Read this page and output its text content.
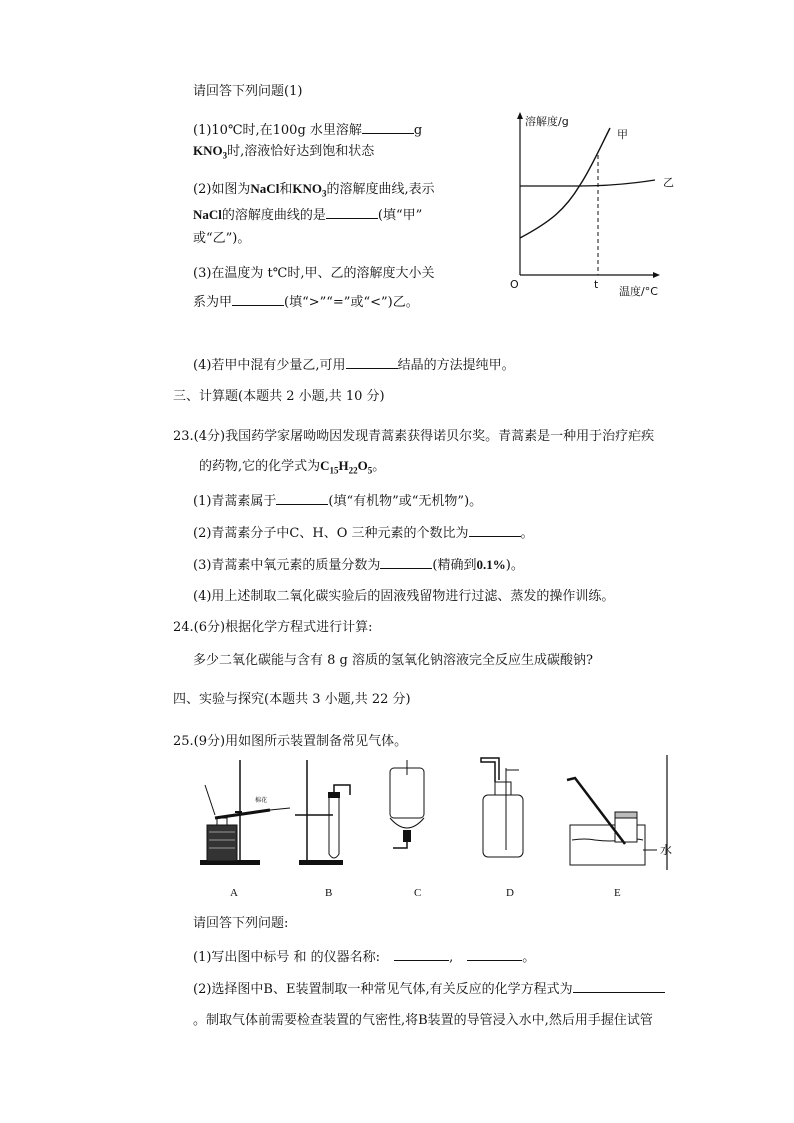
请回答下列问题(1)
(1)10℃时,在100g 水里溶解	g
$KNO_3$时,溶液恰好达到饱和状态
(2)如图为NaCl和$KNO_3$的溶解度曲线,表示
NaCl的溶解度曲线的是	(填“甲”
或“乙”)。
(3)在温度为 t℃时,甲、乙的溶解度大小关
系为甲	(填“>”“=”或“<”)乙。
(4)若甲中混有少量乙,可用	结晶的方法提纯甲。
溶解度/g
甲
乙
O	t
温度/°C
三、计算题(本题共 2 小题,共 10 分)
23.(4分)我国药学家屠呦呦因发现青蒿素获得诺贝尔奖。青蒿素是一种用于治疗疟疾
的药物,它的化学式为$C_{15}H_{22}O_5$。
(1)青蒿素属于	(填“有机物”或“无机物”)。
(2)青蒿素分子中C、H、O 三种元素的个数比为	。
(3)青蒿素中氧元素的质量分数为	(精确到0.1%)。
(4)用上述制取二氧化碳实验后的固液残留物进行过滤、蒸发的操作训练。
24.(6分)根据化学方程式进行计算:
多少二氧化碳能与含有 8 g 溶质的氢氧化钠溶液完全反应生成碳酸钠?
四、实验与探究(本题共 3 小题,共 22 分)
25.(9分)用如图所示装置制备常见气体。
棉花
水
A	B	C	D	E
请回答下列问题:
(1)写出图中标号 和 的仪器名称:	,	。
(2)选择图中B、E装置制取一种常见气体,有关反应的化学方程式为
。制取气体前需要检查装置的气密性,将B装置的导管浸入水中,然后用手握住试管
